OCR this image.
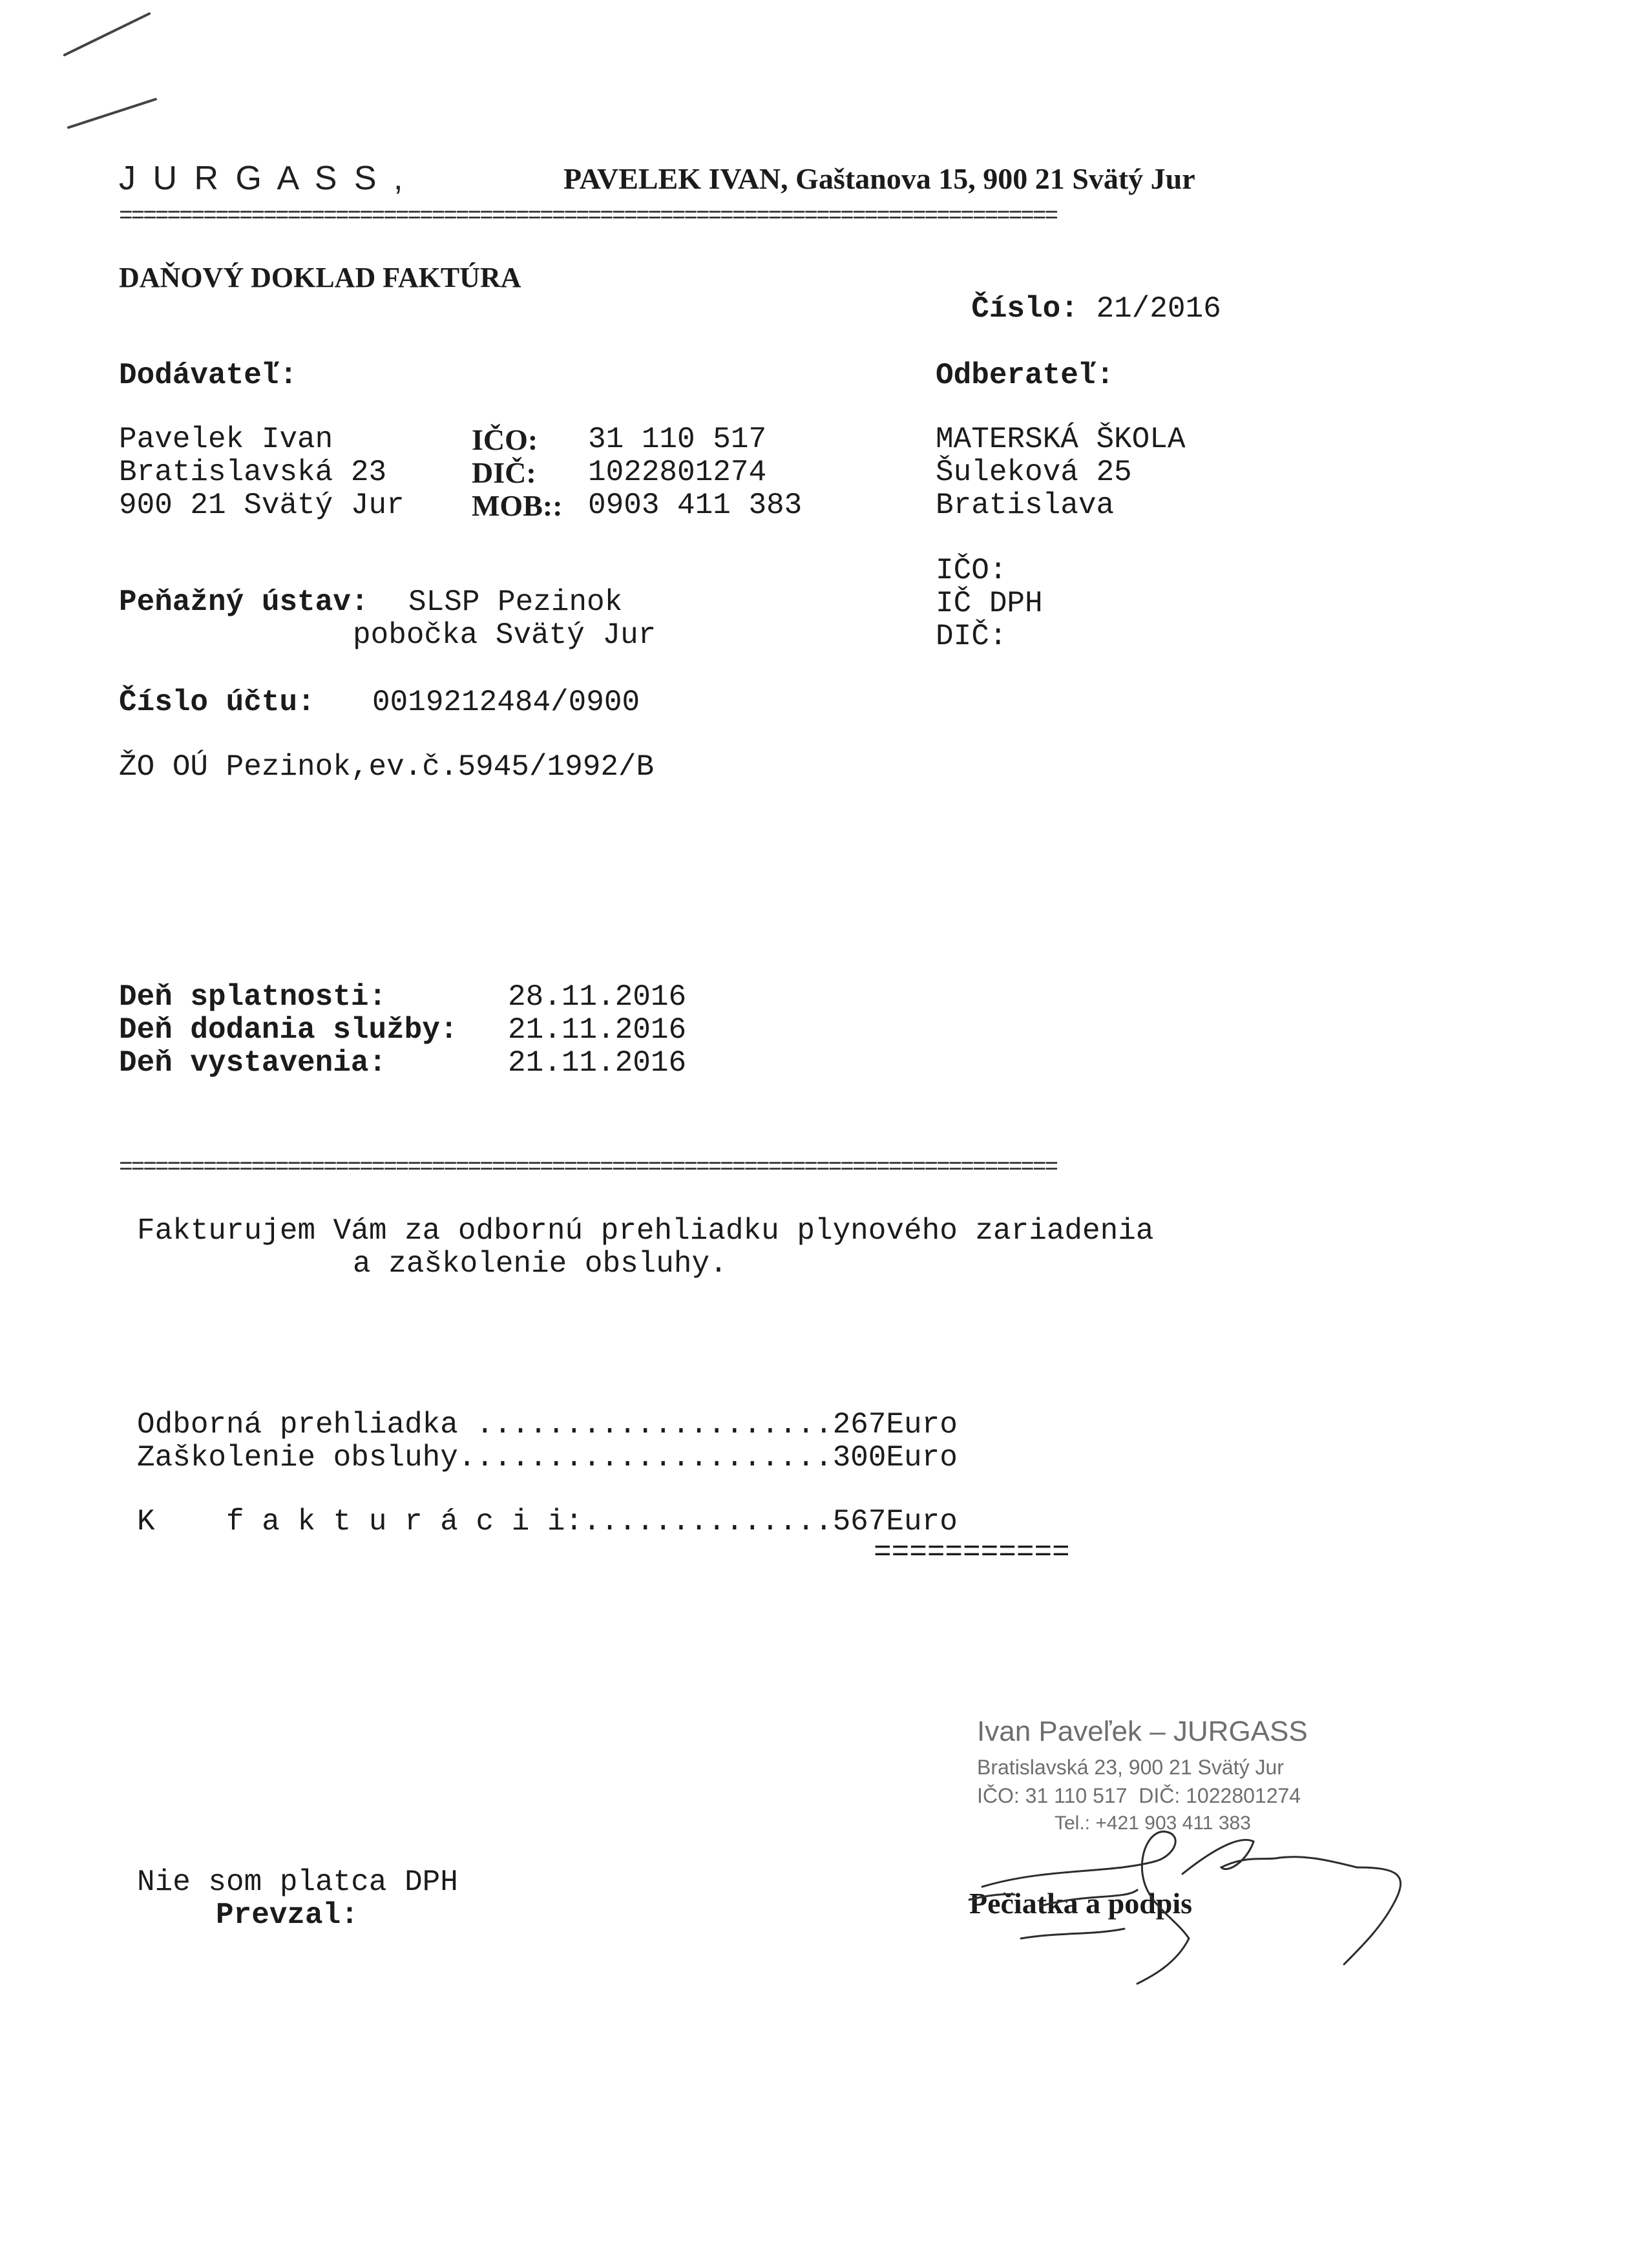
J U R G A S S ,	PAVELEK IVAN, Gaštanova 15, 900 21 Svätý Jur
==============================================================================
DAŇOVÝ DOKLAD FAKTÚRA

Číslo: 21/2016

Dodávateľ:
Pavelek Ivan
Bratislavská 23
900 21 Svätý Jur
IČO: 31 110 517
DIČ: 1022801274
MOB:: 0903 411 383
Peňažný ústav: SLSP Pezinok
pobočka Svätý Jur
Číslo účtu: 0019212484/0900
ŽO OÚ Pezinok,ev.č.5945/1992/B
Odberateľ:
MATERSKÁ ŠKOLA
Šuleková 25
Bratislava
IČO:
IČ DPH
DIČ:
Deň splatnosti:	28.11.2016
Deň dodania služby: 21.11.2016
Deň vystavenia:	21.11.2016
==============================================================================
Fakturujem Vám za odbornú prehliadku plynového zariadenia
a zaškolenie obsluhy.
Odborná prehliadka ....................267Euro
Zaškolenie obsluhy.....................300Euro
K    f a k t u r á c i i:..............567Euro
===========
Nie som platca DPH
Prevzal:
Ivan Paveľek – JURGASS
Bratislavská 23, 900 21 Svätý Jur
IČO: 31 110 517  DIČ: 1022801274
Tel.: +421 903 411 383
Pečiatka a podpis
